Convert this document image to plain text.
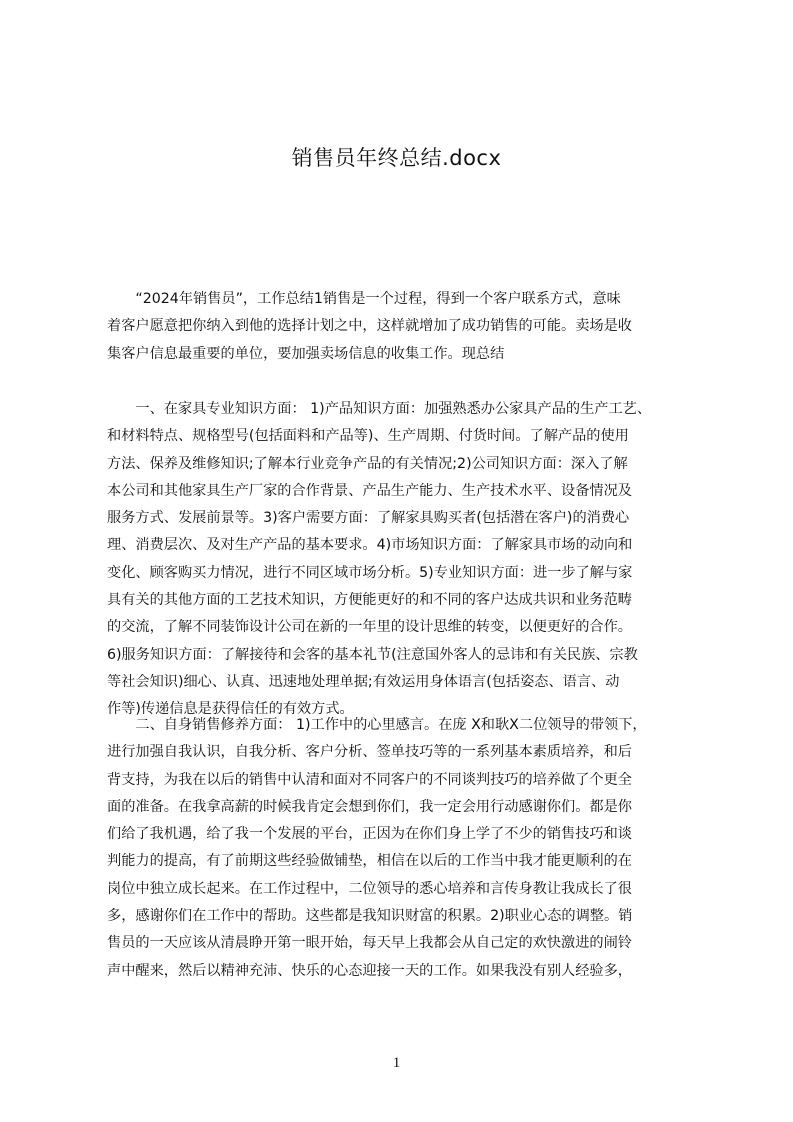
销售员年终总结.docx
　　“2024年销售员”，工作总结1销售是一个过程，得到一个客户联系方式，意味
着客户愿意把你纳入到他的选择计划之中，这样就增加了成功销售的可能。卖场是收
集客户信息最重要的单位，要加强卖场信息的收集工作。现总结
　　一、在家具专业知识方面： 1)产品知识方面：加强熟悉办公家具产品的生产工艺、
和材料特点、规格型号(包括面料和产品等)、生产周期、付货时间。了解产品的使用
方法、保养及维修知识;了解本行业竞争产品的有关情况;2)公司知识方面：深入了解
本公司和其他家具生产厂家的合作背景、产品生产能力、生产技术水平、设备情况及
服务方式、发展前景等。3)客户需要方面：了解家具购买者(包括潜在客户)的消费心
理、消费层次、及对生产产品的基本要求。4)市场知识方面：了解家具市场的动向和
变化、顾客购买力情况，进行不同区域市场分析。5)专业知识方面：进一步了解与家
具有关的其他方面的工艺技术知识，方便能更好的和不同的客户达成共识和业务范畴
的交流，了解不同装饰设计公司在新的一年里的设计思维的转变，以便更好的合作。
6)服务知识方面：了解接待和会客的基本礼节(注意国外客人的忌讳和有关民族、宗教
等社会知识)细心、认真、迅速地处理单据;有效运用身体语言(包括姿态、语言、动
作等)传递信息是获得信任的有效方式。
　　二、自身销售修养方面： 1)工作中的心里感言。在庞 X和耿X二位领导的带领下，
进行加强自我认识，自我分析、客户分析、签单技巧等的一系列基本素质培养，和后
背支持，为我在以后的销售中认清和面对不同客户的不同谈判技巧的培养做了个更全
面的准备。在我拿高薪的时候我肯定会想到你们，我一定会用行动感谢你们。都是你
们给了我机遇，给了我一个发展的平台，正因为在你们身上学了不少的销售技巧和谈
判能力的提高，有了前期这些经验做铺垫，相信在以后的工作当中我才能更顺利的在
岗位中独立成长起来。在工作过程中，二位领导的悉心培养和言传身教让我成长了很
多，感谢你们在工作中的帮助。这些都是我知识财富的积累。2)职业心态的调整。销
售员的一天应该从清晨睁开第一眼开始，每天早上我都会从自己定的欢快激进的闹铃
声中醒来，然后以精神充沛、快乐的心态迎接一天的工作。如果我没有别人经验多，
1
